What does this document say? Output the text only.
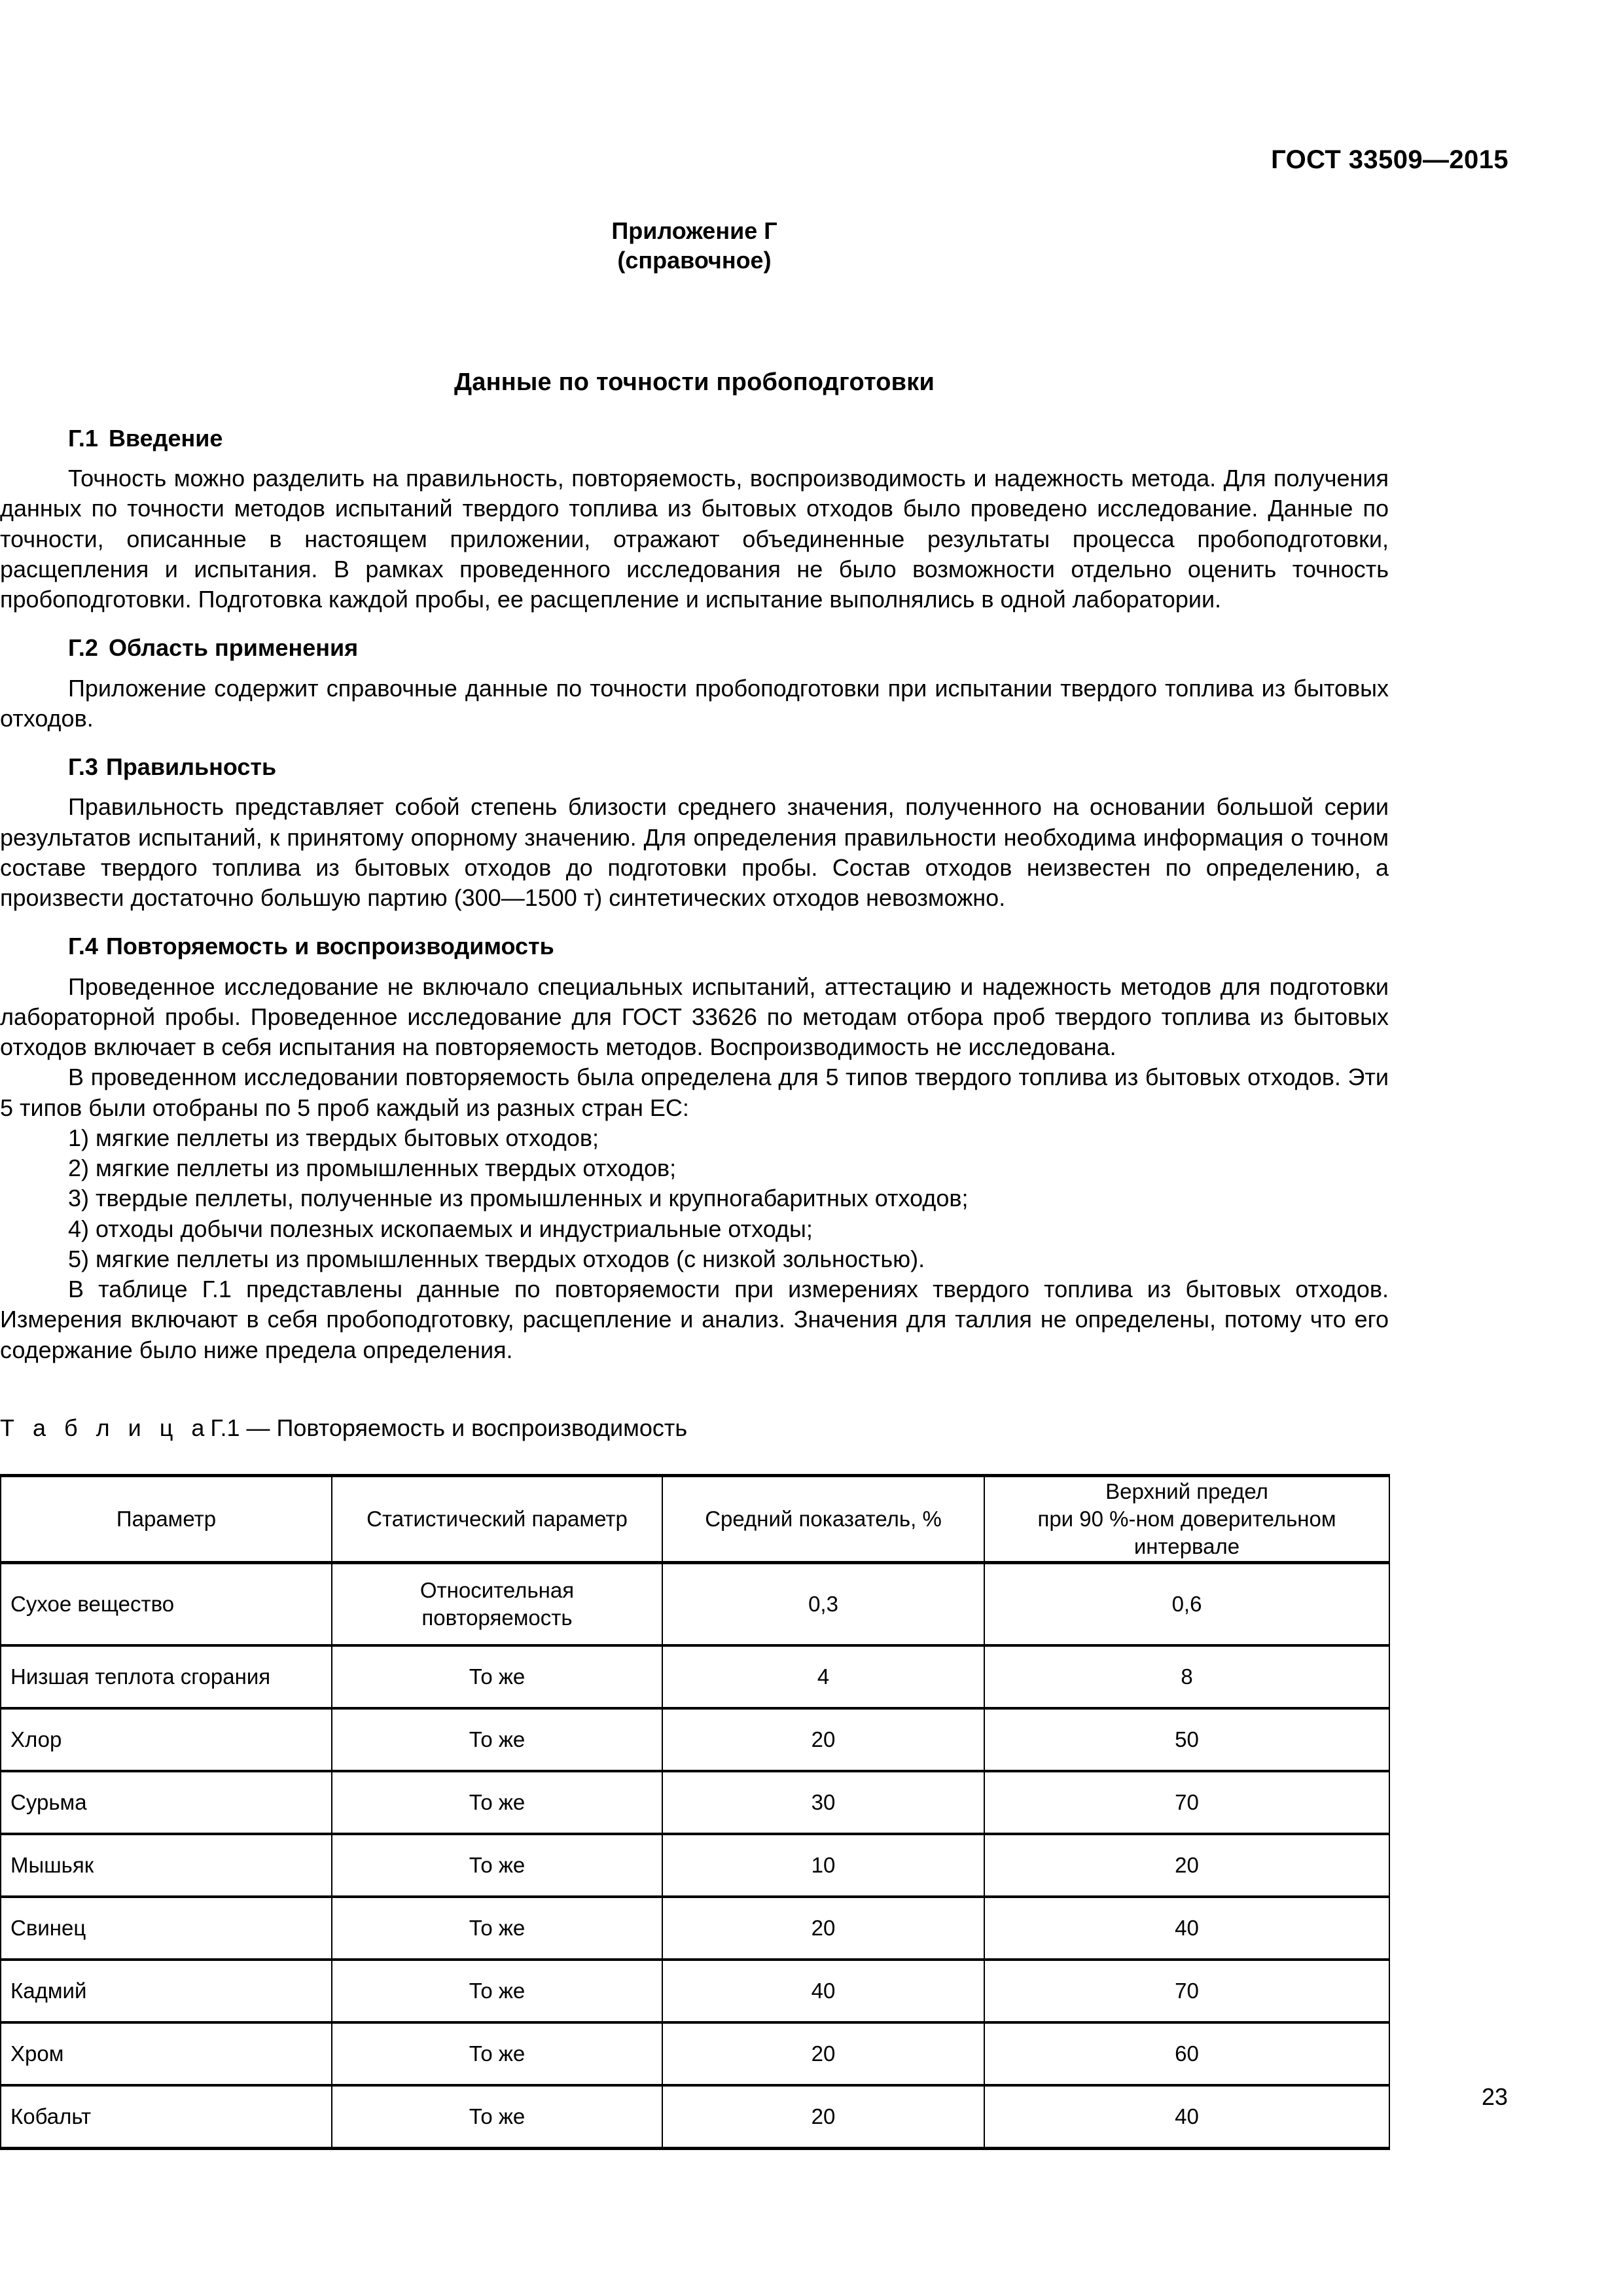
ГОСТ 33509—2015
Приложение Г
(справочное)
Данные по точности пробоподготовки
Г.1 Введение

Точность можно разделить на правильность, повторяемость, воспроизводимость и надежность метода. Для получения данных по точности методов испытаний твердого топлива из бытовых отходов было проведено исследование. Данные по точности, описанные в настоящем приложении, отражают объединенные результаты процесса пробоподготовки, расщепления и испытания. В рамках проведенного исследования не было возможности отдельно оценить точность пробоподготовки. Подготовка каждой пробы, ее расщепление и испытание выполнялись в одной лаборатории.

Г.2 Область применения

Приложение содержит справочные данные по точности пробоподготовки при испытании твердого топлива из бытовых отходов.

Г.3 Правильность

Правильность представляет собой степень близости среднего значения, полученного на основании большой серии результатов испытаний, к принятому опорному значению. Для определения правильности необходима информация о точном составе твердого топлива из бытовых отходов до подготовки пробы. Состав отходов неизвестен по определению, а произвести достаточно большую партию (300—1500 т) синтетических отходов невозможно.

Г.4 Повторяемость и воспроизводимость

Проведенное исследование не включало специальных испытаний, аттестацию и надежность методов для подготовки лабораторной пробы. Проведенное исследование для ГОСТ 33626 по методам отбора проб твердого топлива из бытовых отходов включает в себя испытания на повторяемость методов. Воспроизводимость не исследована.

В проведенном исследовании повторяемость была определена для 5 типов твердого топлива из бытовых отходов. Эти 5 типов были отобраны по 5 проб каждый из разных стран ЕС:

1) мягкие пеллеты из твердых бытовых отходов;
2) мягкие пеллеты из промышленных твердых отходов;
3) твердые пеллеты, полученные из промышленных и крупногабаритных отходов;
4) отходы добычи полезных ископаемых и индустриальные отходы;
5) мягкие пеллеты из промышленных твердых отходов (с низкой зольностью).

В таблице Г.1 представлены данные по повторяемости при измерениях твердого топлива из бытовых отходов. Измерения включают в себя пробоподготовку, расщепление и анализ. Значения для таллия не определены, потому что его содержание было ниже предела определения.

Т а б л и ц аГ.1 — Повторяемость и воспроизводимость
Параметр	Статистический параметр	Средний показатель, %	Верхний предел
при 90 %-ном доверительном
интервале
Сухое вещество	Относительная
повторяемость	0,3	0,6
Низшая теплота сгорания	То же	4	8
Хлор	То же	20	50
Сурьма	То же	30	70
Мышьяк	То же	10	20
Свинец	То же	20	40
Кадмий	То же	40	70
Хром	То же	20	60
Кобальт	То же	20	40
23
